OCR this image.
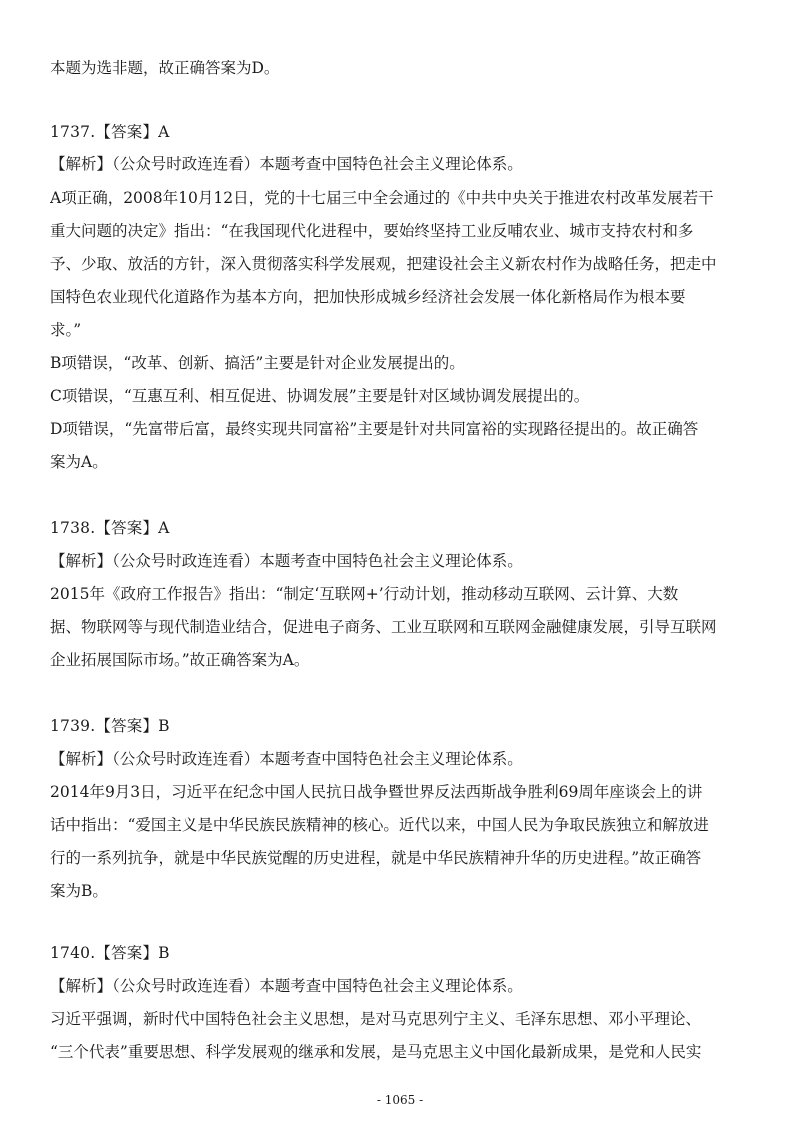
本题为选非题，故正确答案为D。
1737.【答案】A
【解析】（公众号时政连连看）本题考查中国特色社会主义理论体系。
A项正确，2008年10月12日，党的十七届三中全会通过的《中共中央关于推进农村改革发展若干
重大问题的决定》指出：“在我国现代化进程中，要始终坚持工业反哺农业、城市支持农村和多
予、少取、放活的方针，深入贯彻落实科学发展观，把建设社会主义新农村作为战略任务，把走中
国特色农业现代化道路作为基本方向，把加快形成城乡经济社会发展一体化新格局作为根本要
求。”
B项错误，“改革、创新、搞活”主要是针对企业发展提出的。
C项错误，“互惠互利、相互促进、协调发展”主要是针对区域协调发展提出的。
D项错误，“先富带后富，最终实现共同富裕”主要是针对共同富裕的实现路径提出的。故正确答
案为A。
1738.【答案】A
【解析】（公众号时政连连看）本题考查中国特色社会主义理论体系。
2015年《政府工作报告》指出：“制定‘互联网+’行动计划，推动移动互联网、云计算、大数
据、物联网等与现代制造业结合，促进电子商务、工业互联网和互联网金融健康发展，引导互联网
企业拓展国际市场。”故正确答案为A。
1739.【答案】B
【解析】（公众号时政连连看）本题考查中国特色社会主义理论体系。
2014年9月3日，习近平在纪念中国人民抗日战争暨世界反法西斯战争胜利69周年座谈会上的讲
话中指出：“爱国主义是中华民族民族精神的核心。近代以来，中国人民为争取民族独立和解放进
行的一系列抗争，就是中华民族觉醒的历史进程，就是中华民族精神升华的历史进程。”故正确答
案为B。
1740.【答案】B
【解析】（公众号时政连连看）本题考查中国特色社会主义理论体系。
习近平强调，新时代中国特色社会主义思想，是对马克思列宁主义、毛泽东思想、邓小平理论、
“三个代表”重要思想、科学发展观的继承和发展，是马克思主义中国化最新成果，是党和人民实
- 1065 -
